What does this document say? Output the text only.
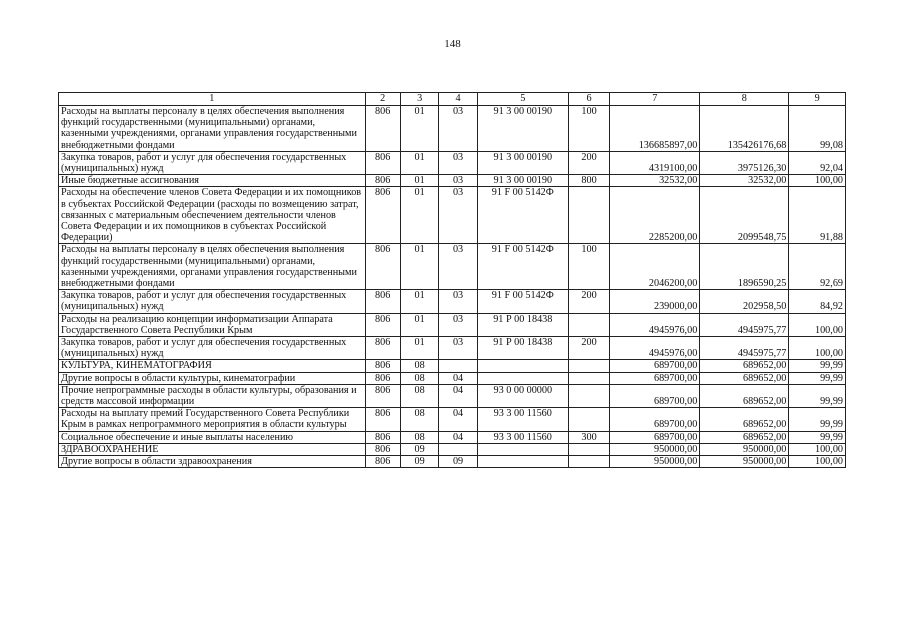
148
1	2	3	4	5	6	7	8	9
Расходы на выплаты персоналу в целях обеспечения выполнения функций государственными (муниципальными) органами, казенными учреждениями, органами управления государственными внебюджетными фондами	806	01	03	91 3 00 00190	100	136685897,00	135426176,68	99,08
Закупка товаров, работ и услуг для обеспечения государственных (муниципальных) нужд	806	01	03	91 3 00 00190	200	4319100,00	3975126,30	92,04
Иные бюджетные ассигнования	806	01	03	91 3 00 00190	800	32532,00	32532,00	100,00
Расходы на обеспечение членов Совета Федерации и их помощников в субъектах Российской Федерации (расходы по возмещению затрат, связанных с материальным обеспечением деятельности членов Совета Федерации и их помощников в субъектах Российской Федерации)	806	01	03	91 F 00 5142Ф		2285200,00	2099548,75	91,88
Расходы на выплаты персоналу в целях обеспечения выполнения функций государственными (муниципальными) органами, казенными учреждениями, органами управления государственными внебюджетными фондами	806	01	03	91 F 00 5142Ф	100	2046200,00	1896590,25	92,69
Закупка товаров, работ и услуг для обеспечения государственных (муниципальных) нужд	806	01	03	91 F 00 5142Ф	200	239000,00	202958,50	84,92
Расходы на реализацию концепции информатизации Аппарата Государственного Совета Республики Крым	806	01	03	91 Р 00 18438		4945976,00	4945975,77	100,00
Закупка товаров, работ и услуг для обеспечения государственных (муниципальных) нужд	806	01	03	91 Р 00 18438	200	4945976,00	4945975,77	100,00
КУЛЬТУРА, КИНЕМАТОГРАФИЯ	806	08				689700,00	689652,00	99,99
Другие вопросы в области культуры, кинематографии	806	08	04			689700,00	689652,00	99,99
Прочие непрограммные расходы в области культуры, образования и средств массовой информации	806	08	04	93 0 00 00000		689700,00	689652,00	99,99
Расходы на выплату премий Государственного Совета Республики Крым в рамках непрограммного мероприятия в области культуры	806	08	04	93 3 00 11560		689700,00	689652,00	99,99
Социальное обеспечение и иные выплаты населению	806	08	04	93 3 00 11560	300	689700,00	689652,00	99,99
ЗДРАВООХРАНЕНИЕ	806	09				950000,00	950000,00	100,00
Другие вопросы в области здравоохранения	806	09	09			950000,00	950000,00	100,00
